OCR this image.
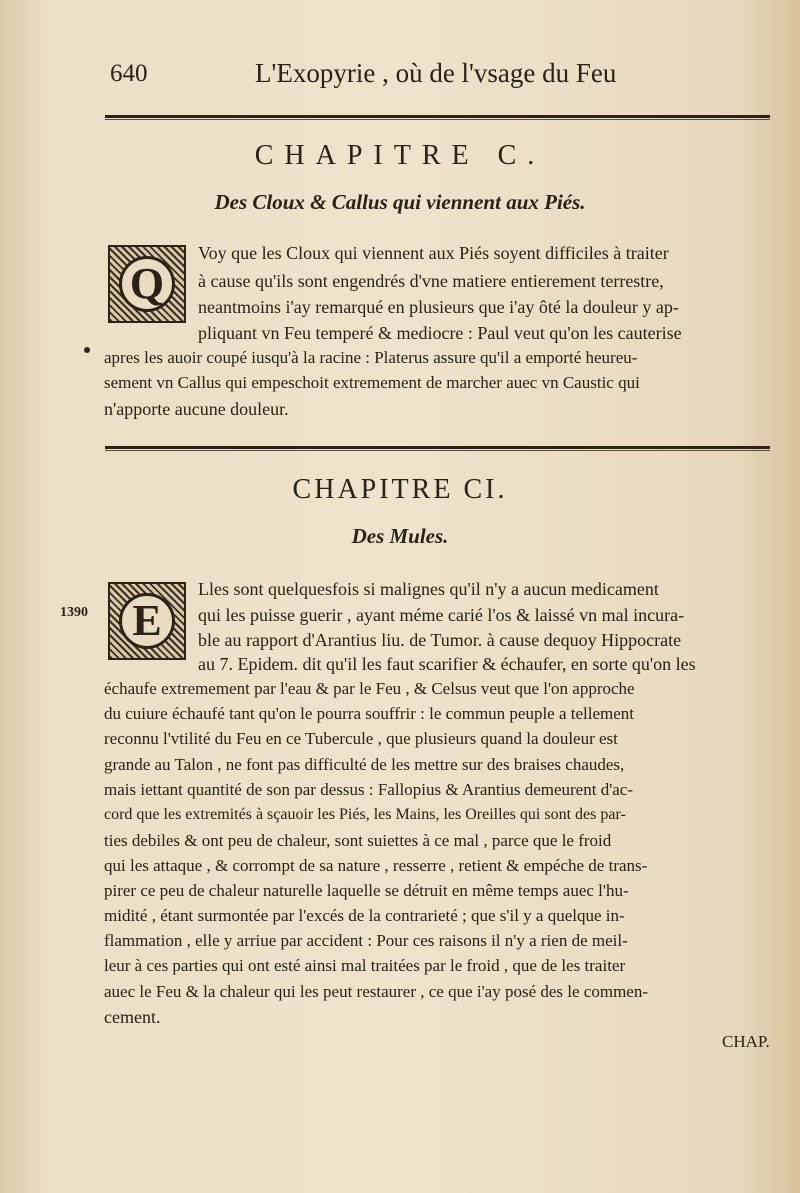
640	L'Exopyrie , où de l'vsage du Feu
CHAPITRE C.
Des Cloux & Callus qui viennent aux Piés.
Q
Voy que les Cloux qui viennent aux Piés soyent difficiles à traiter
à cause qu'ils sont engendrés d'vne matiere entierement terrestre,
neantmoins i'ay remarqué en plusieurs que i'ay ôté la douleur y ap-
pliquant vn Feu temperé & mediocre : Paul veut qu'on les cauterise
apres les auoir coupé iusqu'à la racine : Platerus assure qu'il a emporté heureu-
sement vn Callus qui empeschoit extremement de marcher auec vn Caustic qui
n'apporte aucune douleur.
CHAPITRE CI.
Des Mules.
1390	E
Lles sont quelquesfois si malignes qu'il n'y a aucun medicament
qui les puisse guerir , ayant méme carié l'os & laissé vn mal incura-
ble au rapport d'Arantius liu. de Tumor. à cause dequoy Hippocrate
au 7. Epidem. dit qu'il les faut scarifier & échaufer, en sorte qu'on les
échaufe extremement par l'eau & par le Feu , & Celsus veut que l'on approche
du cuiure échaufé tant qu'on le pourra souffrir : le commun peuple a tellement
reconnu l'vtilité du Feu en ce Tubercule , que plusieurs quand la douleur est
grande au Talon , ne font pas difficulté de les mettre sur des braises chaudes,
mais iettant quantité de son par dessus : Fallopius & Arantius demeurent d'ac-
cord que les extremités à sçauoir les Piés, les Mains, les Oreilles qui sont des par-
ties debiles & ont peu de chaleur, sont suiettes à ce mal , parce que le froid
qui les attaque , & corrompt de sa nature , resserre , retient & empéche de trans-
pirer ce peu de chaleur naturelle laquelle se détruit en même temps auec l'hu-
midité , étant surmontée par l'excés de la contrarieté ; que s'il y a quelque in-
flammation , elle y arriue par accident : Pour ces raisons il n'y a rien de meil-
leur à ces parties qui ont esté ainsi mal traitées par le froid , que de les traiter
auec le Feu & la chaleur qui les peut restaurer , ce que i'ay posé des le commen-
cement.
CHAP.
